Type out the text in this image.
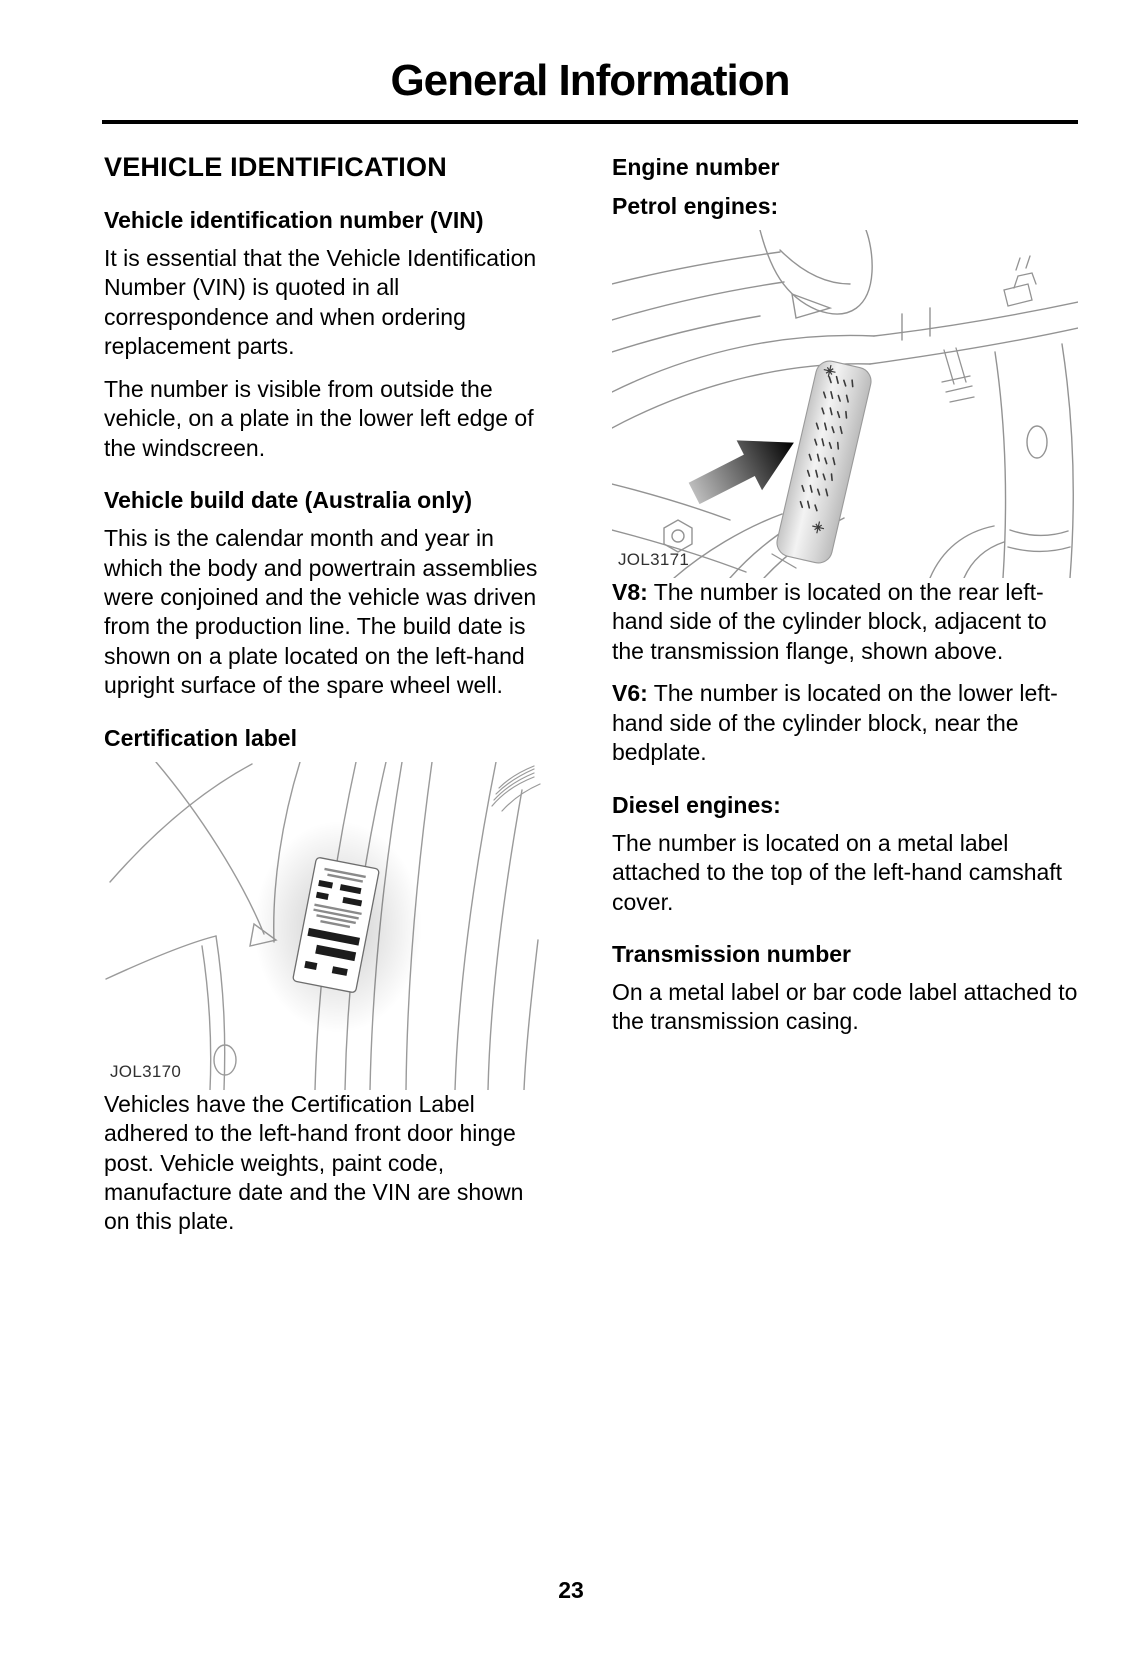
General Information
VEHICLE IDENTIFICATION
Vehicle identification number (VIN)

It is essential that the Vehicle Identification Number (VIN) is quoted in all correspondence and when ordering replacement parts.

The number is visible from outside the vehicle, on a plate in the lower left edge of the windscreen.

Vehicle build date (Australia only)

This is the calendar month and year in which the body and powertrain assemblies were conjoined and the vehicle was driven from the production line. The build date is shown on a plate located on the left-hand upright surface of the spare wheel well.

Certification label
JOL3170

Vehicles have the Certification Label adhered to the left-hand front door hinge post. Vehicle weights, paint code, manufacture date and the VIN are shown on this plate.

Engine number
Petrol engines:
JOL3171

V8: The number is located on the rear left-hand side of the cylinder block, adjacent to the transmission flange, shown above.

V6: The number is located on the lower left-hand side of the cylinder block, near the bedplate.

Diesel engines:

The number is located on a metal label attached to the top of the left-hand camshaft cover.

Transmission number

On a metal label or bar code label attached to the transmission casing.

23
